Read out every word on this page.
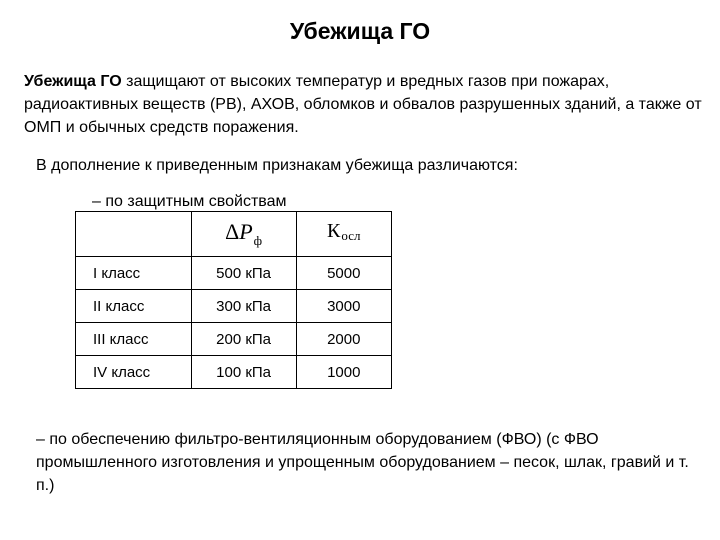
Убежища ГО
Убежища ГО защищают от высоких температур и вредных газов при пожарах, радиоактивных веществ (РВ), АХОВ, обломков и обвалов разрушенных зданий, а также от ОМП и обычных средств поражения.
В дополнение к приведенным признакам убежища различаются:
– по защитным свойствам
	$\Delta P_ф$	$К_{осл}$
I класс	500 кПа	5000
II класс	300 кПа	3000
III класс	200 кПа	2000
IV класс	100 кПа	1000
– по обеспечению фильтро-вентиляционным оборудованием (ФВО) (с ФВО промышленного изготовления и упрощенным оборудованием – песок, шлак, гравий и т. п.)
